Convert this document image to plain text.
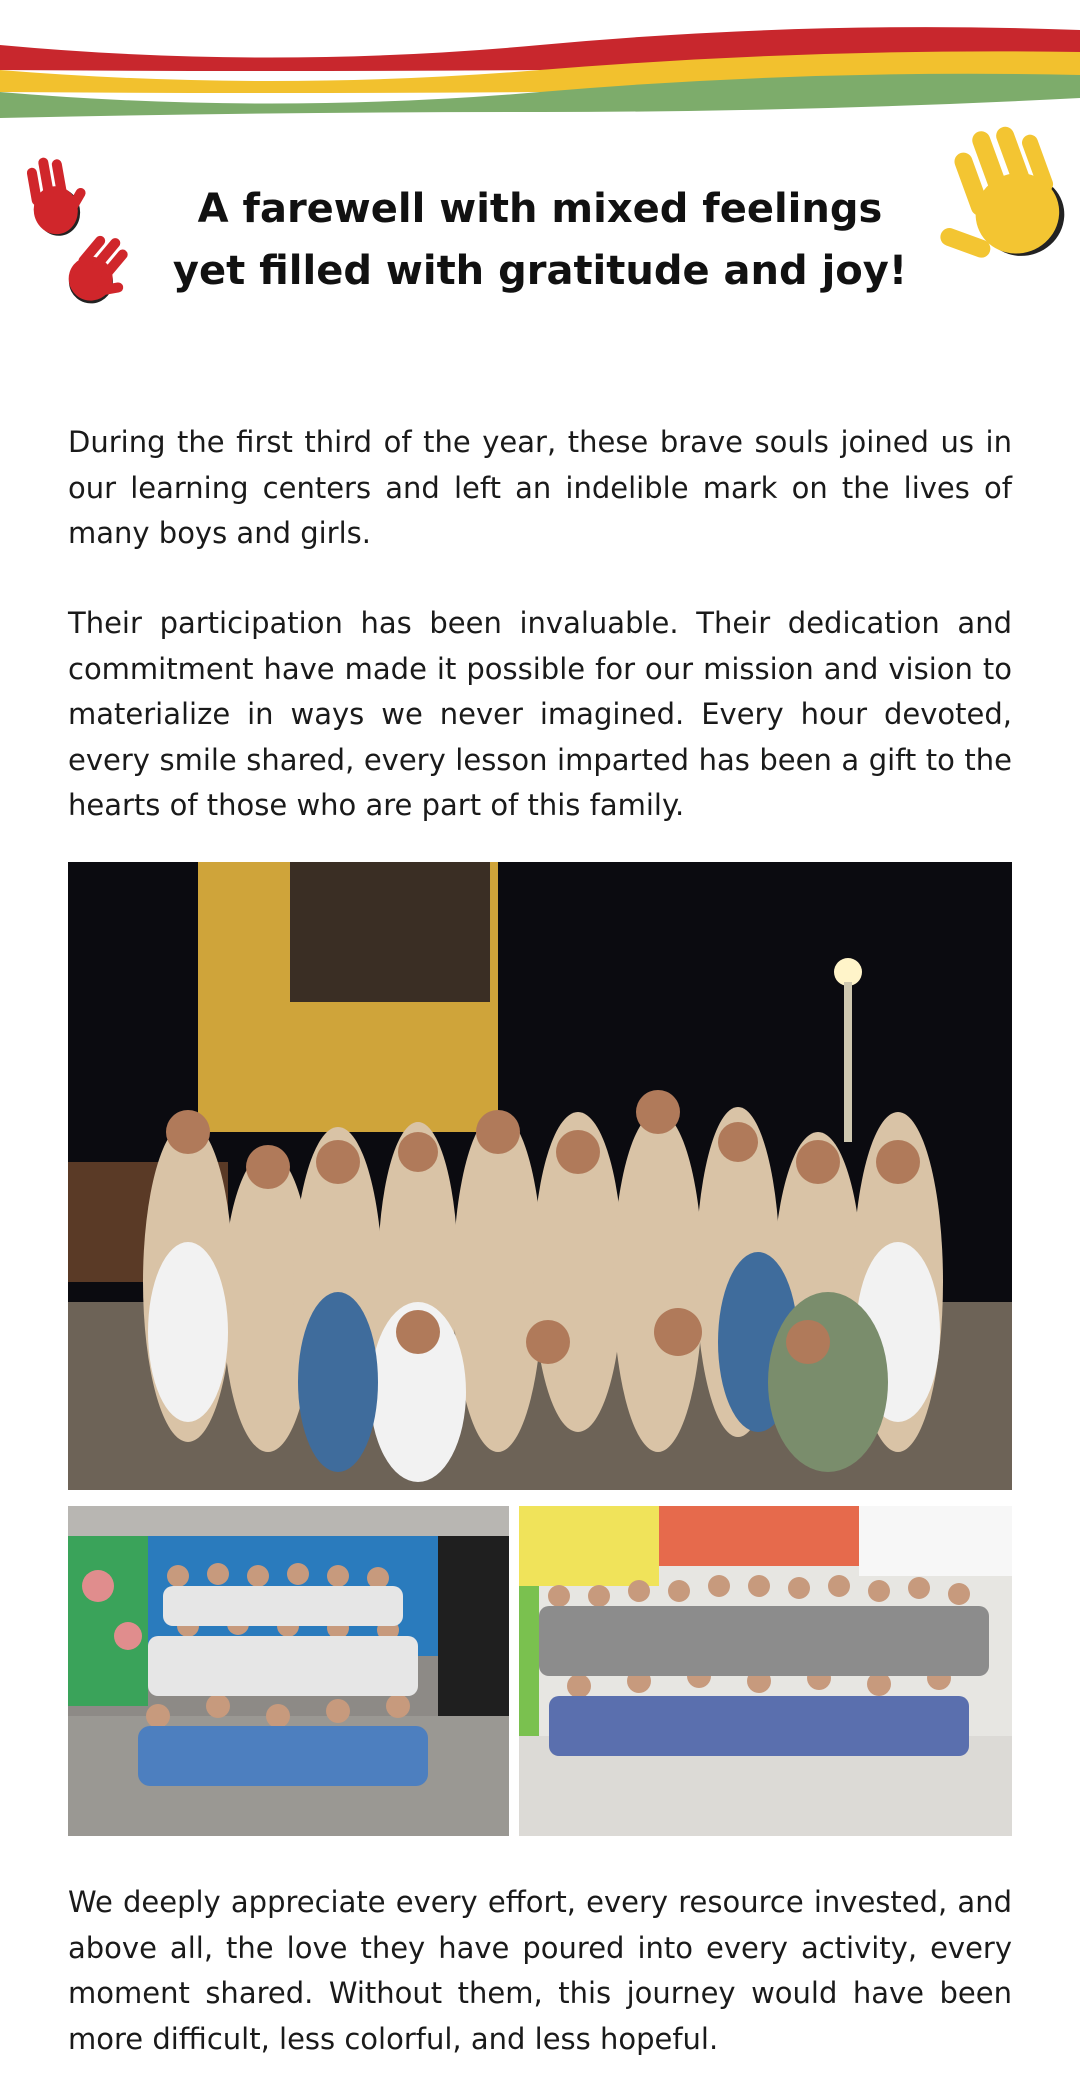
A farewell with mixed feelings
yet filled with gratitude and joy!

During the first third of the year, these brave souls joined us in our learning centers and left an indelible mark on the lives of many boys and girls.

Their participation has been invaluable. Their dedication and commitment have made it possible for our mission and vision to materialize in ways we never imagined. Every hour devoted, every smile shared, every lesson imparted has been a gift to the hearts of those who are part of this family.

We deeply appreciate every effort, every resource invested, and above all, the love they have poured into every activity, every moment shared. Without them, this journey would have been more difficult, less colorful, and less hopeful.
